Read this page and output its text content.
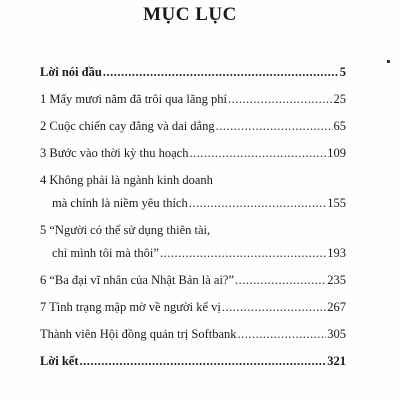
MỤC LỤC
Lời nói đầu .....	5
1 Mấy mươi năm đã trôi qua lãng phí .....	25
2 Cuộc chiến cay đắng và dai dẳng .....	65
3 Bước vào thời kỳ thu hoạch .....	109
4 Không phải là ngành kinh doanh
mà chính là niềm yêu thích .....	155
5 “Người có thể sử dụng thiên tài,
chỉ mình tôi mà thôi” .....	193
6 “Ba đại vĩ nhân của Nhật Bản là ai?” .....	235
7 Tình trạng mập mờ về người kế vị .....	267
Thành viên Hội đồng quản trị Softbank .....	305
Lời kết .....	321
